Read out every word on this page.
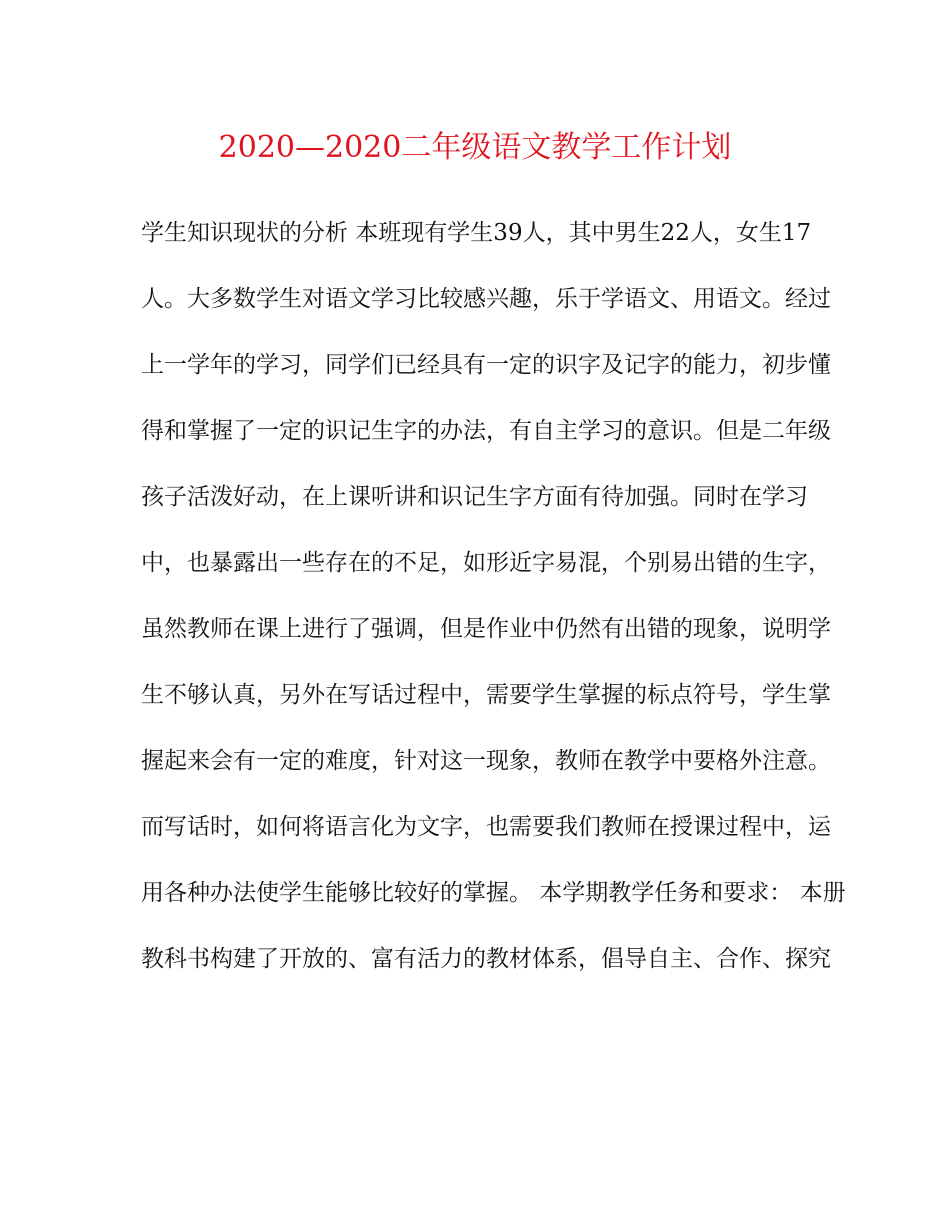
2020—2020二年级语文教学工作计划
学生知识现状的分析 本班现有学生39人，其中男生22人，女生17
人。大多数学生对语文学习比较感兴趣，乐于学语文、用语文。经过
上一学年的学习，同学们已经具有一定的识字及记字的能力，初步懂
得和掌握了一定的识记生字的办法，有自主学习的意识。但是二年级
孩子活泼好动，在上课听讲和识记生字方面有待加强。同时在学习
中，也暴露出一些存在的不足，如形近字易混，个别易出错的生字，
虽然教师在课上进行了强调，但是作业中仍然有出错的现象，说明学
生不够认真，另外在写话过程中，需要学生掌握的标点符号，学生掌
握起来会有一定的难度，针对这一现象，教师在教学中要格外注意。
而写话时，如何将语言化为文字，也需要我们教师在授课过程中，运
用各种办法使学生能够比较好的掌握。 本学期教学任务和要求： 本册
教科书构建了开放的、富有活力的教材体系，倡导自主、合作、探究
